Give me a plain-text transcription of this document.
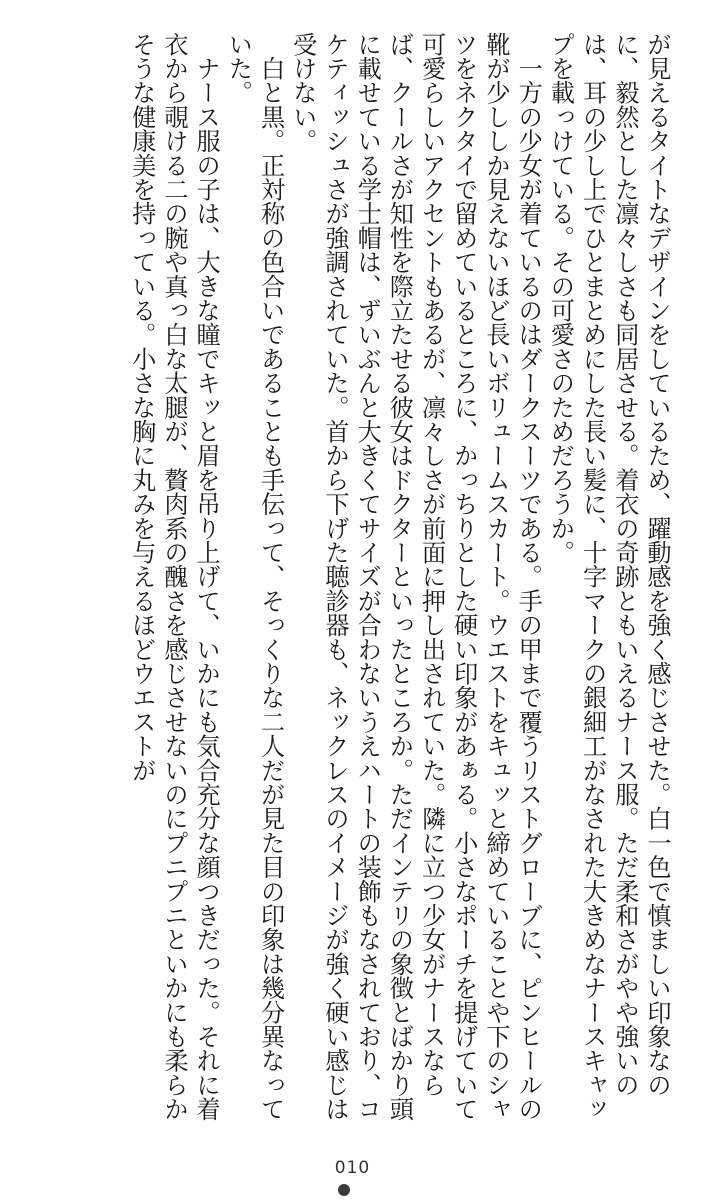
が見えるタイトなデザインをしているため、躍動感を強く感じさせた。白一色で慎ましい印象なのに、毅然とした凛々しさも同居させる。着衣の奇跡ともいえるナース服。ただ柔和さがやや強いのは、耳の少し上でひとまとめにした長い髪に、十字マークの銀細工がなされた大きめなナースキャップを載っけている。その可愛さのためだろうか。

　一方の少女が着ているのはダークスーツである。手の甲まで覆うリストグローブに、ピンヒールの靴が少ししか見えないほど長いボリュームスカート。ウエストをキュッと締めていることや下のシャツをネクタイで留めているところに、かっちりとした硬い印象があぁる。小さなポーチを提げていて可愛らしいアクセントもあるが、凛々しさが前面に押し出されていた。隣に立つ少女がナースならば、クールさが知性を際立たせる彼女はドクターといったところか。ただインテリの象徴とばかり頭に載せている学士帽は、ずいぶんと大きくてサイズが合わないうえハートの装飾もなされており、コケティッシュさが強調されていた。首から下げた聴診器も、ネックレスのイメージが強く硬い感じは受けない。

　白と黒。正対称の色合いであることも手伝って、そっくりな二人だが見た目の印象は幾分異なっていた。

　ナース服の子は、大きな瞳でキッと眉を吊り上げて、いかにも気合充分な顔つきだった。それに着衣から覗ける二の腕や真っ白な太腿が、贅肉系の醜さを感じさせないのにプニプニといかにも柔らかそうな健康美を持っている。小さな胸に丸みを与えるほどウエストが

010
